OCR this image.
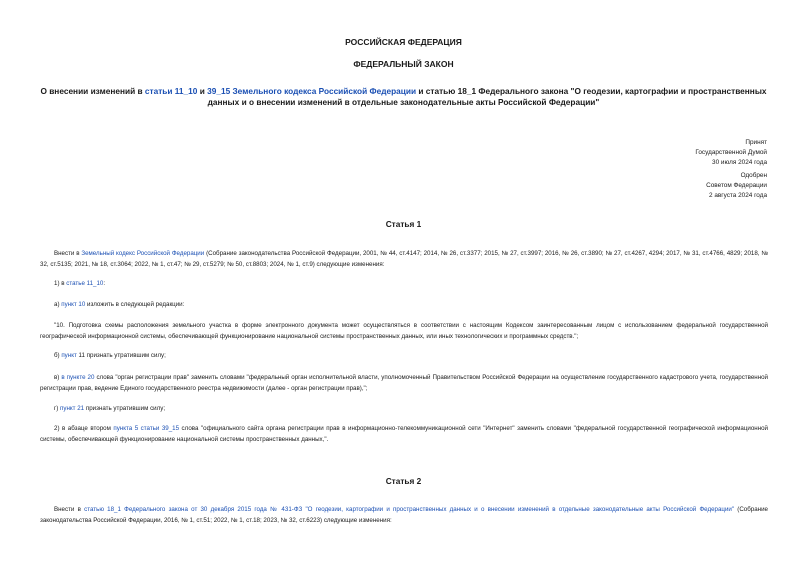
РОССИЙСКАЯ ФЕДЕРАЦИЯ
ФЕДЕРАЛЬНЫЙ ЗАКОН
О внесении изменений в статьи 11_10 и 39_15 Земельного кодекса Российской Федерации и статью 18_1 Федерального закона "О геодезии, картографии и пространственных данных и о внесении изменений в отдельные законодательные акты Российской Федерации"
Принят
Государственной Думой
30 июля 2024 года
Одобрен
Советом Федерации
2 августа 2024 года
Статья 1
Внести в Земельный кодекс Российской Федерации (Собрание законодательства Российской Федерации, 2001, № 44, ст.4147; 2014, № 26, ст.3377; 2015, № 27, ст.3997; 2016, № 26, ст.3890; № 27, ст.4267, 4294; 2017, № 31, ст.4766, 4829; 2018, № 32, ст.5135; 2021, № 18, ст.3064; 2022, № 1, ст.47; № 29, ст.5279; № 50, ст.8803; 2024, № 1, ст.9) следующие изменения:
1) в статье 11_10:
а) пункт 10 изложить в следующей редакции:
"10. Подготовка схемы расположения земельного участка в форме электронного документа может осуществляться в соответствии с настоящим Кодексом заинтересованным лицом с использованием федеральной государственной географической информационной системы, обеспечивающей функционирование национальной системы пространственных данных, или иных технологических и программных средств.";
б) пункт 11 признать утратившим силу;
в) в пункте 20 слова "орган регистрации прав" заменить словами "федеральный орган исполнительной власти, уполномоченный Правительством Российской Федерации на осуществление государственного кадастрового учета, государственной регистрации прав, ведение Единого государственного реестра недвижимости (далее - орган регистрации прав),";
г) пункт 21 признать утратившим силу;
2) в абзаце втором пункта 5 статьи 39_15 слова "официального сайта органа регистрации прав в информационно-телекоммуникационной сети "Интернет" заменить словами "федеральной государственной географической информационной системы, обеспечивающей функционирование национальной системы пространственных данных,".
Статья 2
Внести в статью 18_1 Федерального закона от 30 декабря 2015 года № 431-ФЗ "О геодезии, картографии и пространственных данных и о внесении изменений в отдельные законодательные акты Российской Федерации" (Собрание законодательства Российской Федерации, 2016, № 1, ст.51; 2022, № 1, ст.18; 2023, № 32, ст.6223) следующие изменения:
